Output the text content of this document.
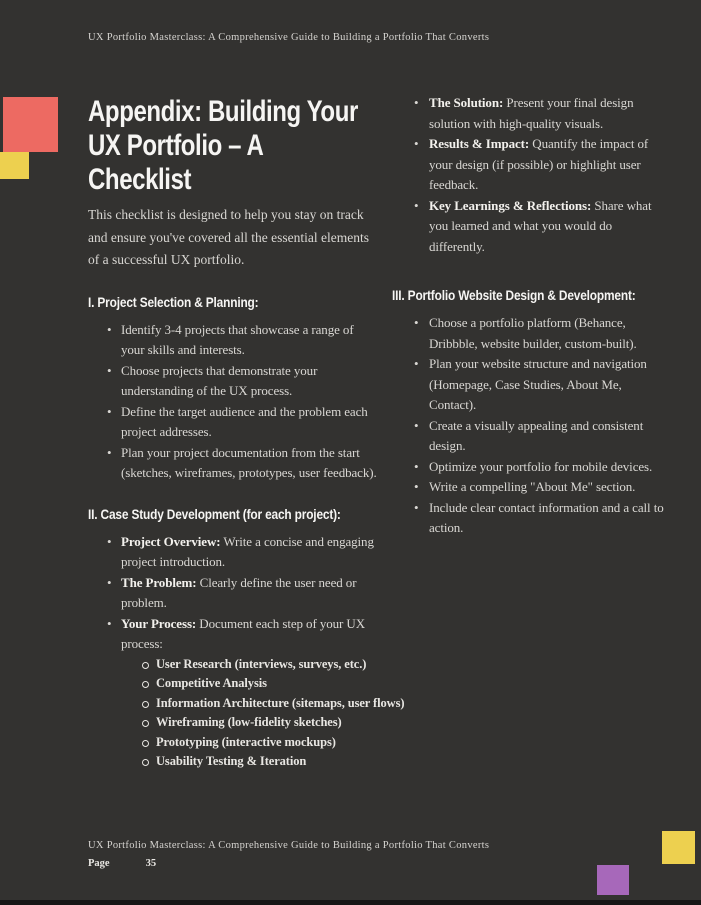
UX Portfolio Masterclass: A Comprehensive Guide to Building a Portfolio That Converts
Appendix: Building Your
UX Portfolio – A
Checklist

This checklist is designed to help you stay on track and ensure you've covered all the essential elements of a successful UX portfolio.

I. Project Selection & Planning:
• Identify 3-4 projects that showcase a range of your skills and interests.
• Choose projects that demonstrate your understanding of the UX process.
• Define the target audience and the problem each project addresses.
• Plan your project documentation from the start (sketches, wireframes, prototypes, user feedback).
II. Case Study Development (for each project):
• Project Overview: Write a concise and engaging project introduction.
• The Problem: Clearly define the user need or problem.
• Your Process: Document each step of your UX process:
User Research (interviews, surveys, etc.)
Competitive Analysis
Information Architecture (sitemaps, user flows)
Wireframing (low-fidelity sketches)
Prototyping (interactive mockups)
Usability Testing & Iteration
• The Solution: Present your final design solution with high-quality visuals.
• Results & Impact: Quantify the impact of your design (if possible) or highlight user feedback.
• Key Learnings & Reflections: Share what you learned and what you would do differently.
III. Portfolio Website Design & Development:
• Choose a portfolio platform (Behance, Dribbble, website builder, custom-built).
• Plan your website structure and navigation (Homepage, Case Studies, About Me, Contact).
• Create a visually appealing and consistent design.
• Optimize your portfolio for mobile devices.
• Write a compelling "About Me" section.
• Include clear contact information and a call to action.
UX Portfolio Masterclass: A Comprehensive Guide to Building a Portfolio That Converts
Page	35
